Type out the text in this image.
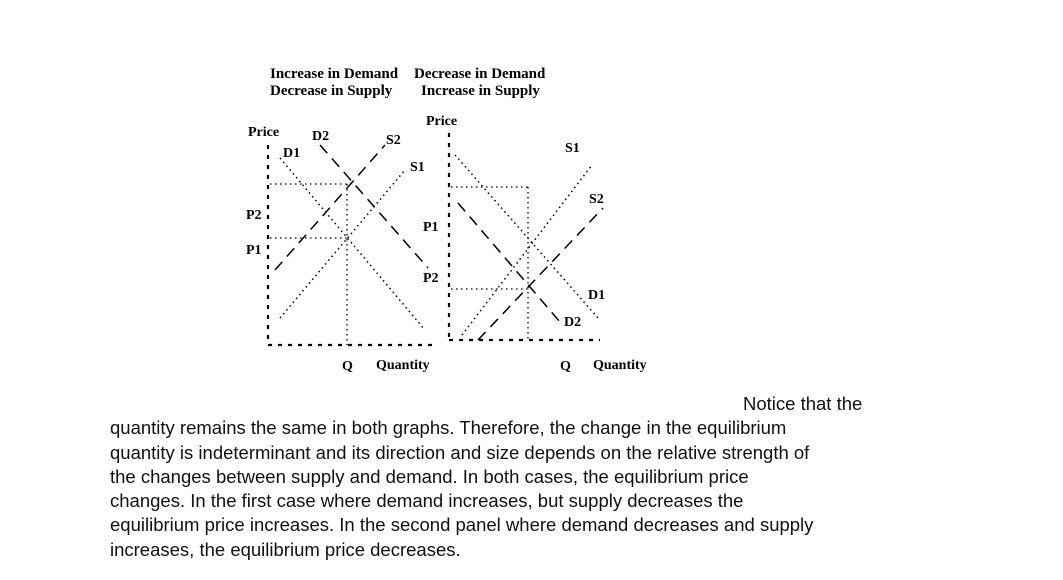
Increase in Demand
Decrease in Supply
Decrease in Demand
Increase in Supply
Price D2
D1
S2
S1
P2
P1
Q Quantity
Price
S1
S2
D1
D2
P1
P2
Q Quantity
Notice that the
quantity remains the same in both graphs. Therefore, the change in the equilibrium
quantity is indeterminant and its direction and size depends on the relative strength of
the changes between supply and demand. In both cases, the equilibrium price
changes. In the first case where demand increases, but supply decreases the
equilibrium price increases. In the second panel where demand decreases and supply
increases, the equilibrium price decreases.
